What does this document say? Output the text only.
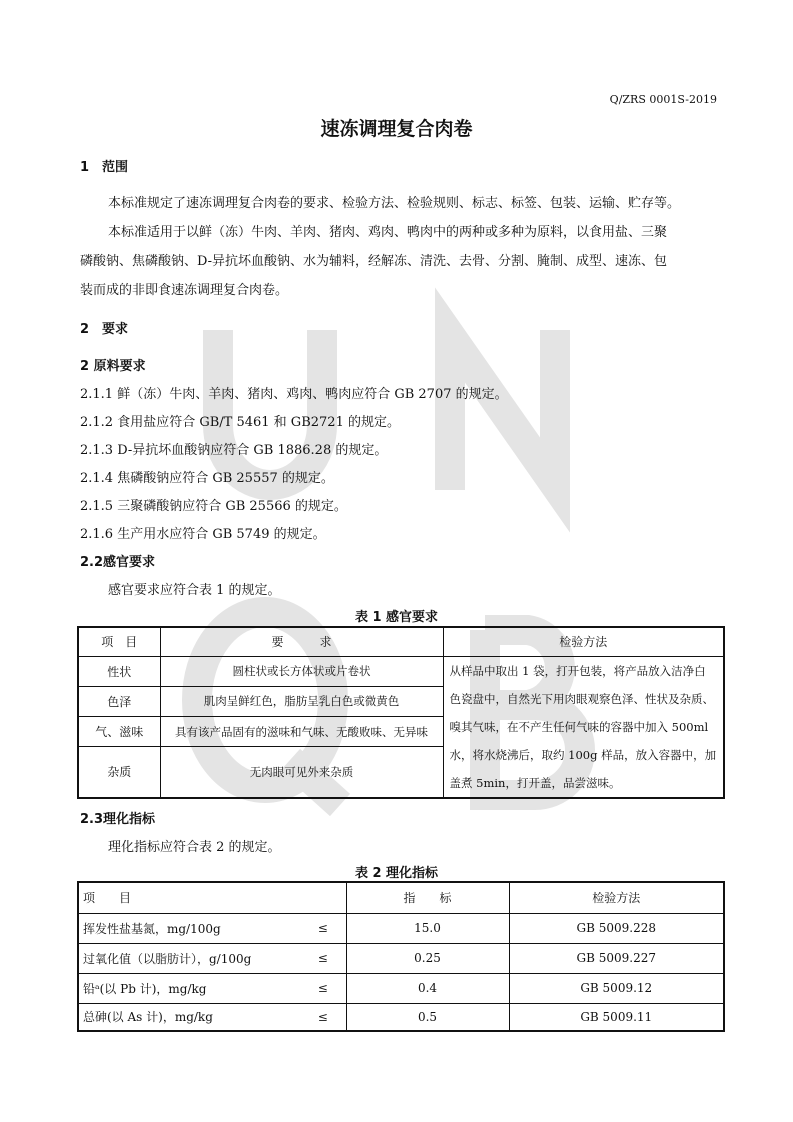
Q/ZRS 0001S-2019
速冻调理复合肉卷
1　范围
本标准规定了速冻调理复合肉卷的要求、检验方法、检验规则、标志、标签、包装、运输、贮存等。
本标准适用于以鲜（冻）牛肉、羊肉、猪肉、鸡肉、鸭肉中的两种或多种为原料，以食用盐、三聚
磷酸钠、焦磷酸钠、D-异抗坏血酸钠、水为辅料，经解冻、清洗、去骨、分割、腌制、成型、速冻、包
装而成的非即食速冻调理复合肉卷。
2　要求
2 原料要求
2.1.1 鲜（冻）牛肉、羊肉、猪肉、鸡肉、鸭肉应符合 GB 2707 的规定。
2.1.2 食用盐应符合 GB/T 5461 和 GB2721 的规定。
2.1.3 D-异抗坏血酸钠应符合 GB 1886.28 的规定。
2.1.4 焦磷酸钠应符合 GB 25557 的规定。
2.1.5 三聚磷酸钠应符合 GB 25566 的规定。
2.1.6 生产用水应符合 GB 5749 的规定。
2.2感官要求
感官要求应符合表 1 的规定。
表 1 感官要求
项　目	要　　　求	检验方法
性状	圆柱状或长方体状或片卷状	从样品中取出 1 袋，打开包装，将产品放入洁净白
色瓷盘中，自然光下用肉眼观察色泽、性状及杂质、
嗅其气味，在不产生任何气味的容器中加入 500ml
水，将水烧沸后，取约 100g 样品，放入容器中，加
盖煮 5min，打开盖，品尝滋味。

色泽	肌肉呈鲜红色，脂肪呈乳白色或微黄色	
气、滋味	具有该产品固有的滋味和气味、无酸败味、无异味	
杂质	无肉眼可见外来杂质	
2.3理化指标
理化指标应符合表 2 的规定。
表 2 理化指标
项　　目		指　　标	检验方法
挥发性盐基氮，mg/100g	≤	15.0	GB 5009.228
过氧化值（以脂肪计），g/100g	≤	0.25	GB 5009.227
铅ᵃ(以 Pb 计)，mg/kg	≤	0.4	GB 5009.12
总砷(以 As 计)，mg/kg	≤	0.5	GB 5009.11
